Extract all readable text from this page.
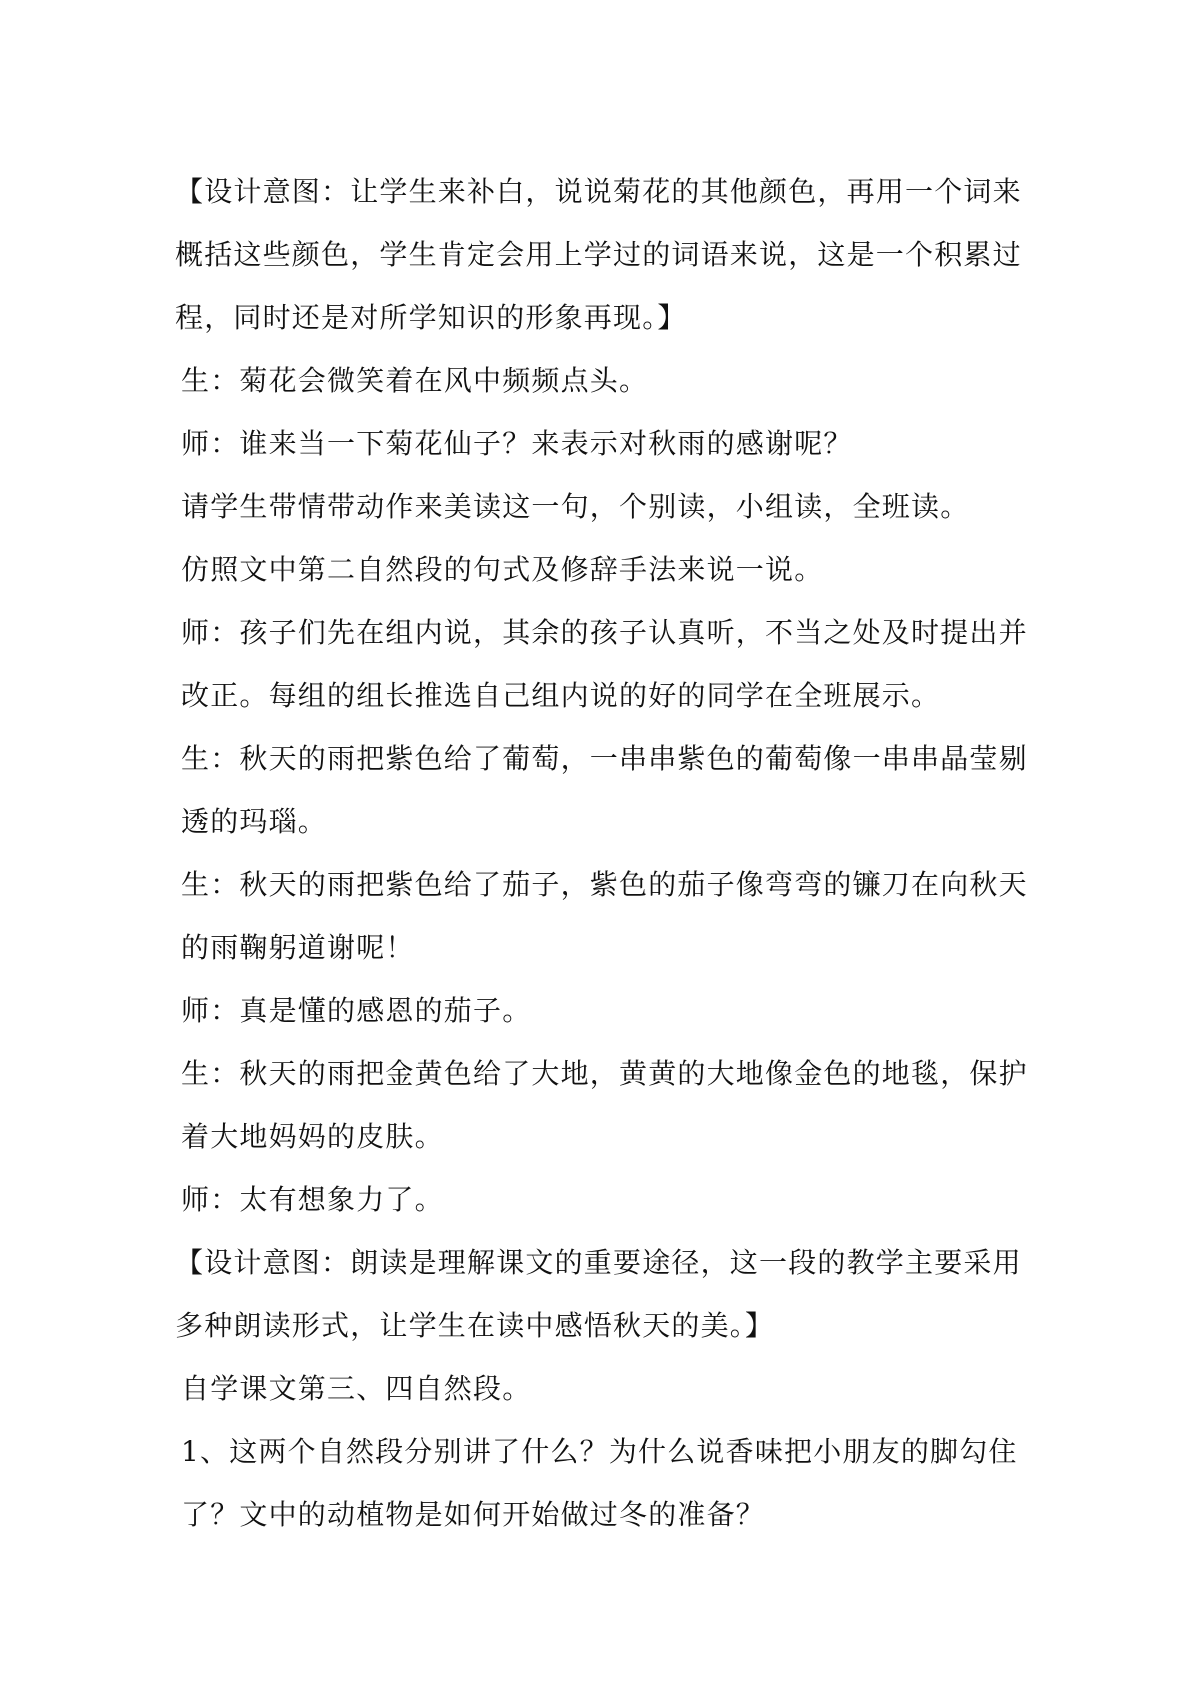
【设计意图：让学生来补白，说说菊花的其他颜色，再用一个词来概括这些颜色，学生肯定会用上学过的词语来说，这是一个积累过程，同时还是对所学知识的形象再现。】

生：菊花会微笑着在风中频频点头。

师：谁来当一下菊花仙子？来表示对秋雨的感谢呢？

请学生带情带动作来美读这一句，个别读，小组读，全班读。

仿照文中第二自然段的句式及修辞手法来说一说。

师：孩子们先在组内说，其余的孩子认真听，不当之处及时提出并改正。每组的组长推选自己组内说的好的同学在全班展示。

生：秋天的雨把紫色给了葡萄，一串串紫色的葡萄像一串串晶莹剔透的玛瑙。

生：秋天的雨把紫色给了茄子，紫色的茄子像弯弯的镰刀在向秋天的雨鞠躬道谢呢！

师：真是懂的感恩的茄子。

生：秋天的雨把金黄色给了大地，黄黄的大地像金色的地毯，保护着大地妈妈的皮肤。

师：太有想象力了。

【设计意图：朗读是理解课文的重要途径，这一段的教学主要采用多种朗读形式，让学生在读中感悟秋天的美。】

自学课文第三、四自然段。

1、这两个自然段分别讲了什么？为什么说香味把小朋友的脚勾住了？文中的动植物是如何开始做过冬的准备？
